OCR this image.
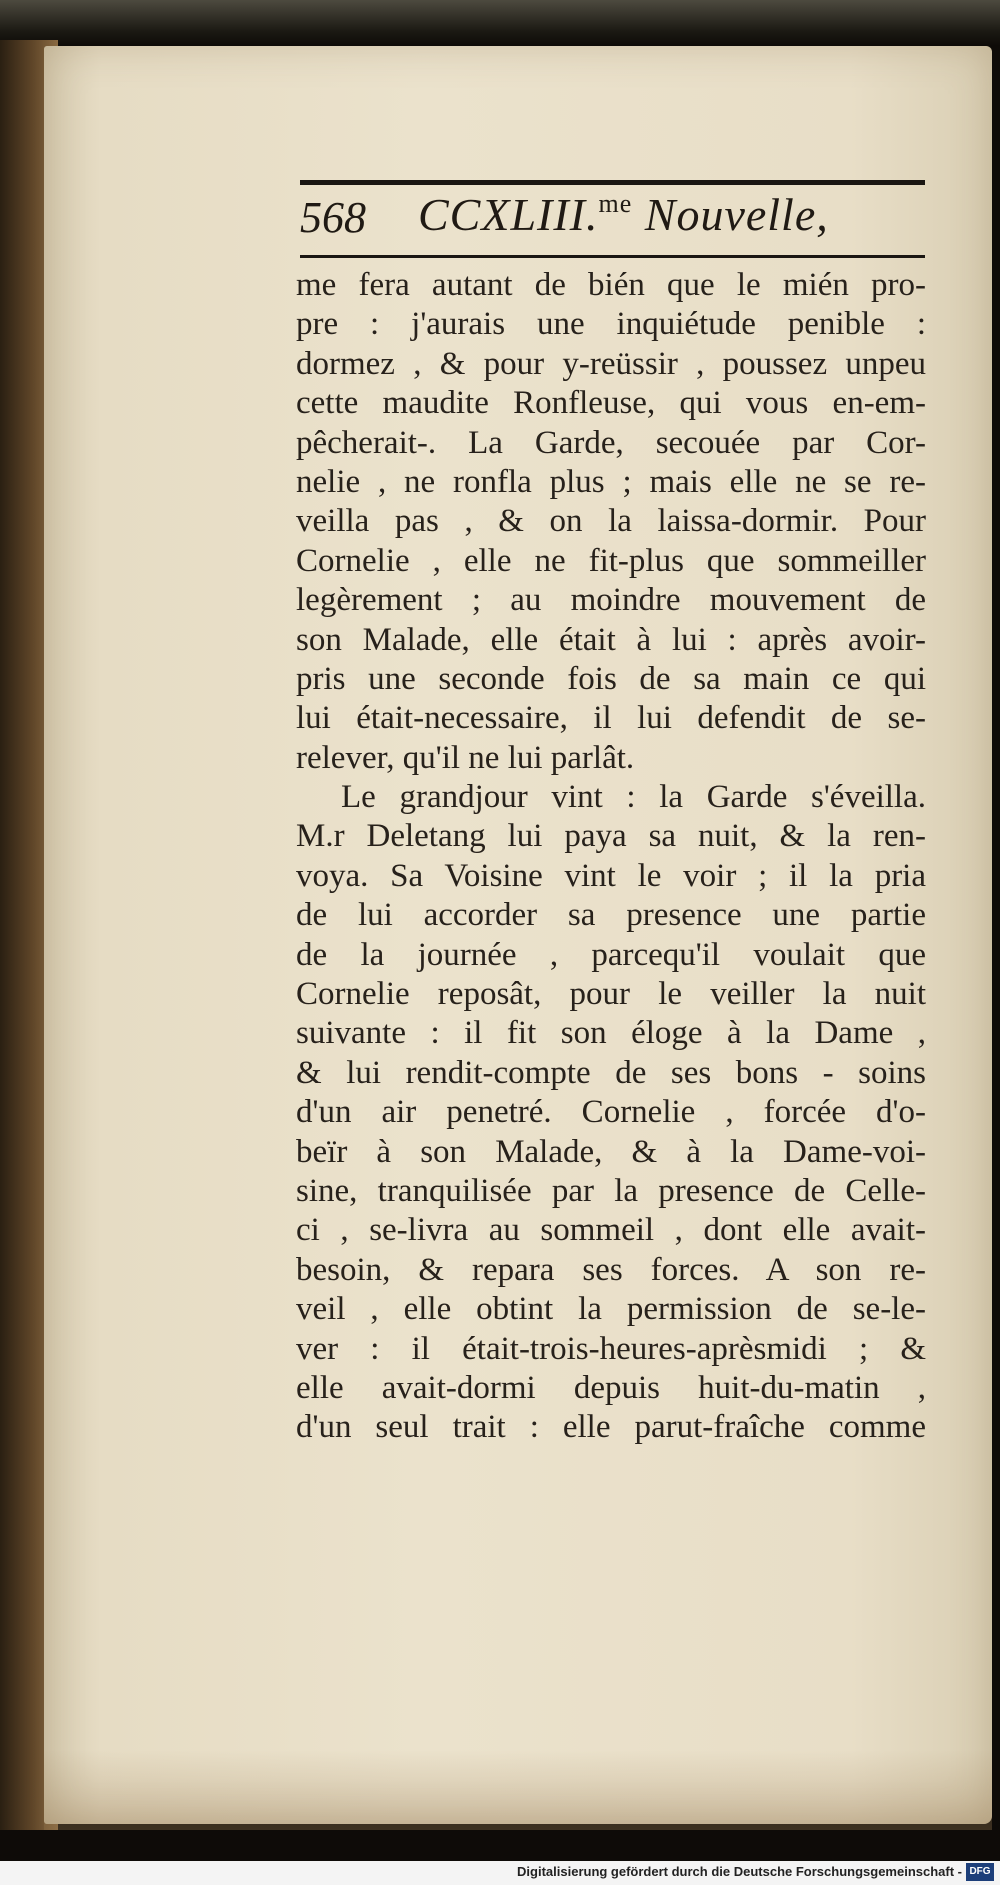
568 CCXLIII.$^{me}$ Nouvelle,
me fera autant de bién que le mién pro-
pre : j'aurais une inquiétude penible :
dormez , & pour y-reüssir , poussez unpeu
cette maudite Ronfleuse, qui vous en-em-
pêcherait-. La Garde, secouée par Cor-
nelie , ne ronfla plus ; mais elle ne se re-
veilla pas , & on la laissa-dormir. Pour
Cornelie , elle ne fit-plus que sommeiller
legèrement ; au moindre mouvement de
son Malade, elle était à lui : après avoir-
pris une seconde fois de sa main ce qui
lui était-necessaire, il lui defendit de se-
relever, qu'il ne lui parlât.
Le grandjour vint : la Garde s'éveilla.
M.r Deletang lui paya sa nuit, & la ren-
voya. Sa Voisine vint le voir ; il la pria
de lui accorder sa presence une partie
de la journée , parcequ'il voulait que
Cornelie reposât, pour le veiller la nuit
suivante : il fit son éloge à la Dame ,
& lui rendit-compte de ses bons - soins
d'un air penetré. Cornelie , forcée d'o-
beïr à son Malade, & à la Dame-voi-
sine, tranquilisée par la presence de Celle-
ci , se-livra au sommeil , dont elle avait-
besoin, & repara ses forces. A son re-
veil , elle obtint la permission de se-le-
ver : il était-trois-heures-aprèsmidi ; &
elle avait-dormi depuis huit-du-matin ,
d'un seul trait : elle parut-fraîche comme
Digitalisierung gefördert durch die Deutsche Forschungsgemeinschaft - DFG
